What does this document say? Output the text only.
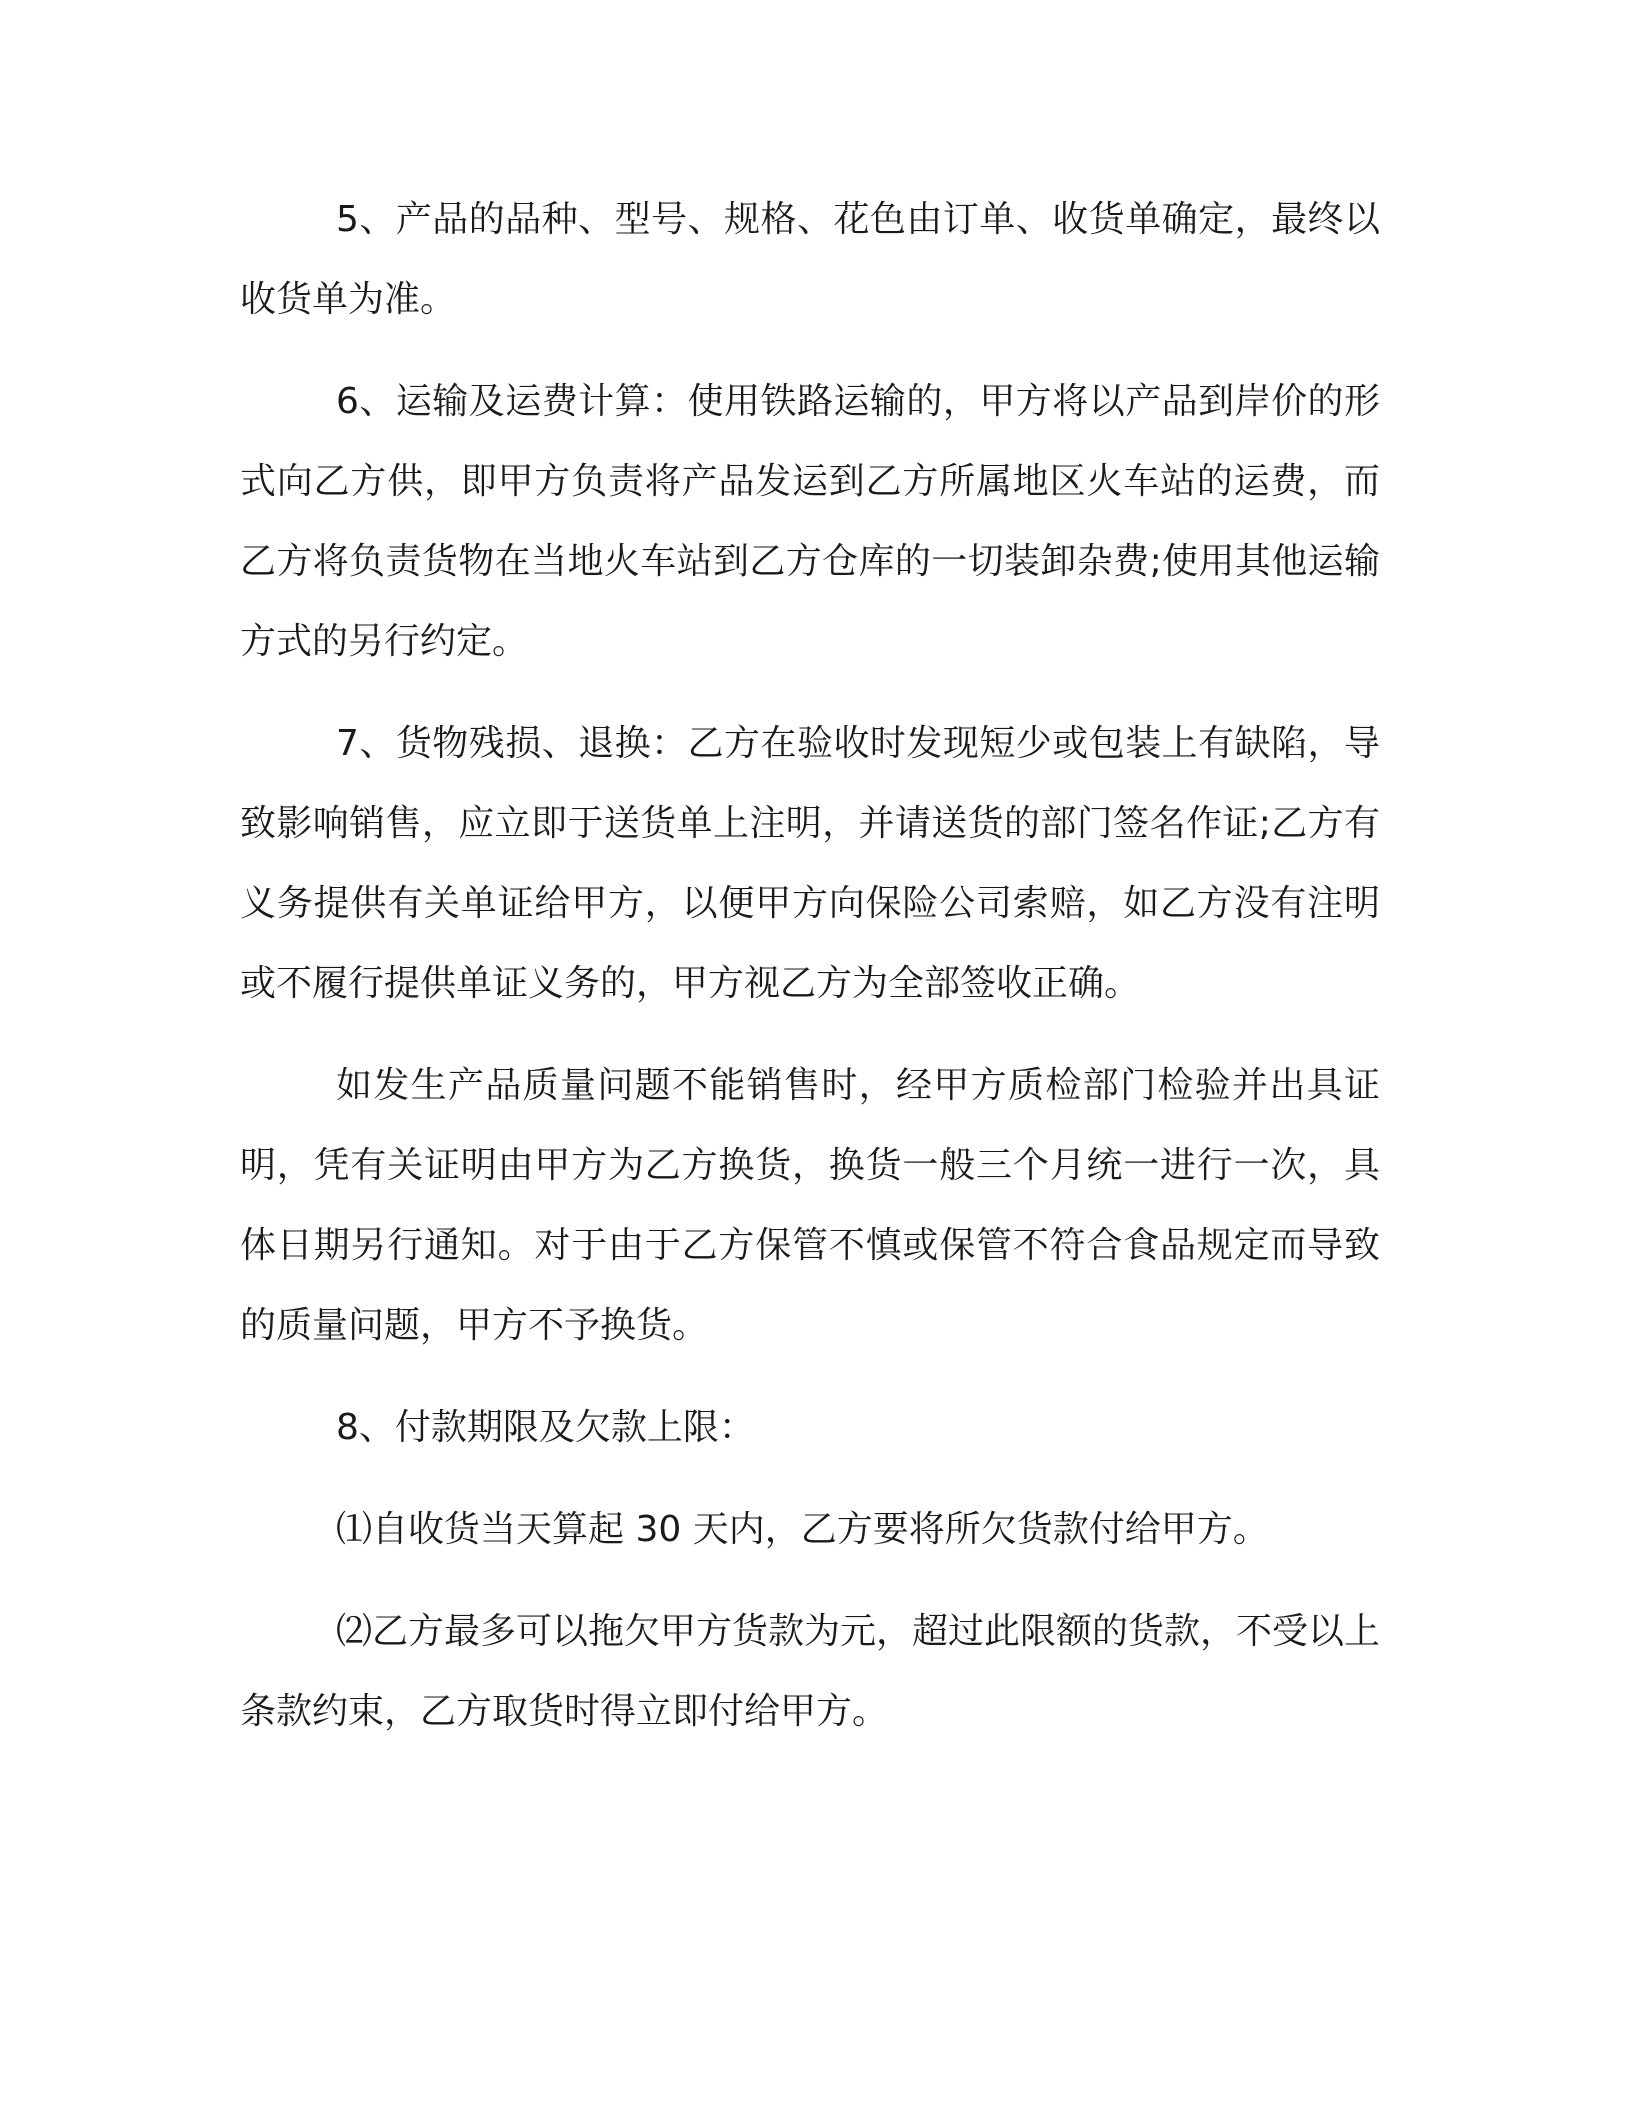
5、产品的品种、型号、规格、花色由订单、收货单确定，最终以收货单为准。

6、运输及运费计算：使用铁路运输的，甲方将以产品到岸价的形式向乙方供，即甲方负责将产品发运到乙方所属地区火车站的运费，而乙方将负责货物在当地火车站到乙方仓库的一切装卸杂费;使用其他运输方式的另行约定。

7、货物残损、退换：乙方在验收时发现短少或包装上有缺陷，导致影响销售，应立即于送货单上注明，并请送货的部门签名作证;乙方有义务提供有关单证给甲方，以便甲方向保险公司索赔，如乙方没有注明或不履行提供单证义务的，甲方视乙方为全部签收正确。

如发生产品质量问题不能销售时，经甲方质检部门检验并出具证明，凭有关证明由甲方为乙方换货，换货一般三个月统一进行一次，具体日期另行通知。对于由于乙方保管不慎或保管不符合食品规定而导致的质量问题，甲方不予换货。

8、付款期限及欠款上限：

⑴自收货当天算起 30 天内，乙方要将所欠货款付给甲方。

⑵乙方最多可以拖欠甲方货款为元，超过此限额的货款，不受以上条款约束，乙方取货时得立即付给甲方。
